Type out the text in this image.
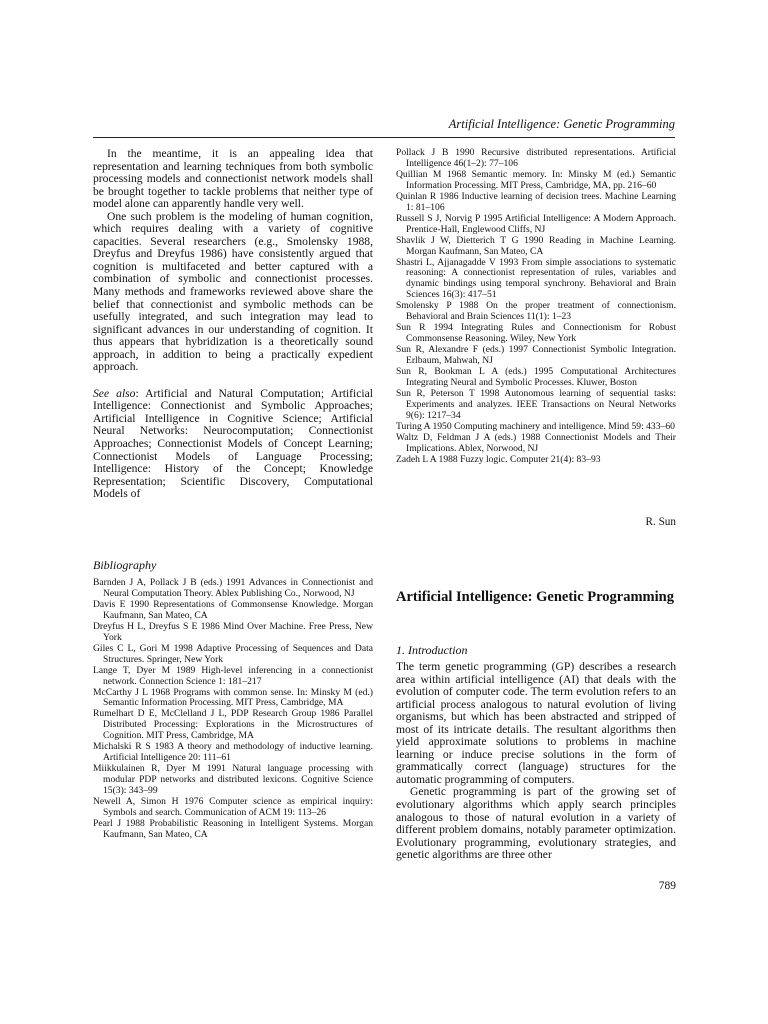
Artificial Intelligence: Genetic Programming

In the meantime, it is an appealing idea that representation and learning techniques from both symbolic processing models and connectionist network models shall be brought together to tackle problems that neither type of model alone can apparently handle very well.

One such problem is the modeling of human cognition, which requires dealing with a variety of cognitive capacities. Several researchers (e.g., Smolensky 1988, Dreyfus and Dreyfus 1986) have consistently argued that cognition is multifaceted and better captured with a combination of symbolic and connectionist processes. Many methods and frameworks reviewed above share the belief that connectionist and symbolic methods can be usefully integrated, and such integration may lead to significant advances in our understanding of cognition. It thus appears that hybridization is a theoretically sound approach, in addition to being a practically expedient approach.

See also: Artificial and Natural Computation; Artificial Intelligence: Connectionist and Symbolic Approaches; Artificial Intelligence in Cognitive Science; Artificial Neural Networks: Neurocomputation; Connectionist Approaches; Connectionist Models of Concept Learning; Connectionist Models of Language Processing; Intelligence: History of the Concept; Knowledge Representation; Scientific Discovery, Computational Models of

Bibliography

Barnden J A, Pollack J B (eds.) 1991 Advances in Connectionist and Neural Computation Theory. Ablex Publishing Co., Norwood, NJ

Davis E 1990 Representations of Commonsense Knowledge. Morgan Kaufmann, San Mateo, CA

Dreyfus H L, Dreyfus S E 1986 Mind Over Machine. Free Press, New York

Giles C L, Gori M 1998 Adaptive Processing of Sequences and Data Structures. Springer, New York

Lange T, Dyer M 1989 High-level inferencing in a connectionist network. Connection Science 1: 181–217

McCarthy J L 1968 Programs with common sense. In: Minsky M (ed.) Semantic Information Processing. MIT Press, Cambridge, MA

Rumelhart D E, McClelland J L, PDP Research Group 1986 Parallel Distributed Processing: Explorations in the Microstructures of Cognition. MIT Press, Cambridge, MA

Michalski R S 1983 A theory and methodology of inductive learning. Artificial Intelligence 20: 111–61

Miikkulainen R, Dyer M 1991 Natural language processing with modular PDP networks and distributed lexicons. Cognitive Science 15(3): 343–99

Newell A, Simon H 1976 Computer science as empirical inquiry: Symbols and search. Communication of ACM 19: 113–26

Pearl J 1988 Probabilistic Reasoning in Intelligent Systems. Morgan Kaufmann, San Mateo, CA

Pollack J B 1990 Recursive distributed representations. Artificial Intelligence 46(1–2): 77–106

Quillian M 1968 Semantic memory. In: Minsky M (ed.) Semantic Information Processing. MIT Press, Cambridge, MA, pp. 216–60

Quinlan R 1986 Inductive learning of decision trees. Machine Learning 1: 81–106

Russell S J, Norvig P 1995 Artificial Intelligence: A Modern Approach. Prentice-Hall, Englewood Cliffs, NJ

Shavlik J W, Dietterich T G 1990 Reading in Machine Learning. Morgan Kaufmann, San Mateo, CA

Shastri L, Ajjanagadde V 1993 From simple associations to systematic reasoning: A connectionist representation of rules, variables and dynamic bindings using temporal synchrony. Behavioral and Brain Sciences 16(3): 417–51

Smolensky P 1988 On the proper treatment of connectionism. Behavioral and Brain Sciences 11(1): 1–23

Sun R 1994 Integrating Rules and Connectionism for Robust Commonsense Reasoning. Wiley, New York

Sun R, Alexandre F (eds.) 1997 Connectionist Symbolic Integration. Erlbaum, Mahwah, NJ

Sun R, Bookman L A (eds.) 1995 Computational Architectures Integrating Neural and Symbolic Processes. Kluwer, Boston

Sun R, Peterson T 1998 Autonomous learning of sequential tasks: Experiments and analyzes. IEEE Transactions on Neural Networks 9(6): 1217–34

Turing A 1950 Computing machinery and intelligence. Mind 59: 433–60

Waltz D, Feldman J A (eds.) 1988 Connectionist Models and Their Implications. Ablex, Norwood, NJ

Zadeh L A 1988 Fuzzy logic. Computer 21(4): 83–93

R. Sun
Artificial Intelligence: Genetic Programming
1. Introduction

The term genetic programming (GP) describes a research area within artificial intelligence (AI) that deals with the evolution of computer code. The term evolution refers to an artificial process analogous to natural evolution of living organisms, but which has been abstracted and stripped of most of its intricate details. The resultant algorithms then yield approximate solutions to problems in machine learning or induce precise solutions in the form of grammatically correct (language) structures for the automatic programming of computers.

Genetic programming is part of the growing set of evolutionary algorithms which apply search principles analogous to those of natural evolution in a variety of different problem domains, notably parameter optimization. Evolutionary programming, evolutionary strategies, and genetic algorithms are three other

789
